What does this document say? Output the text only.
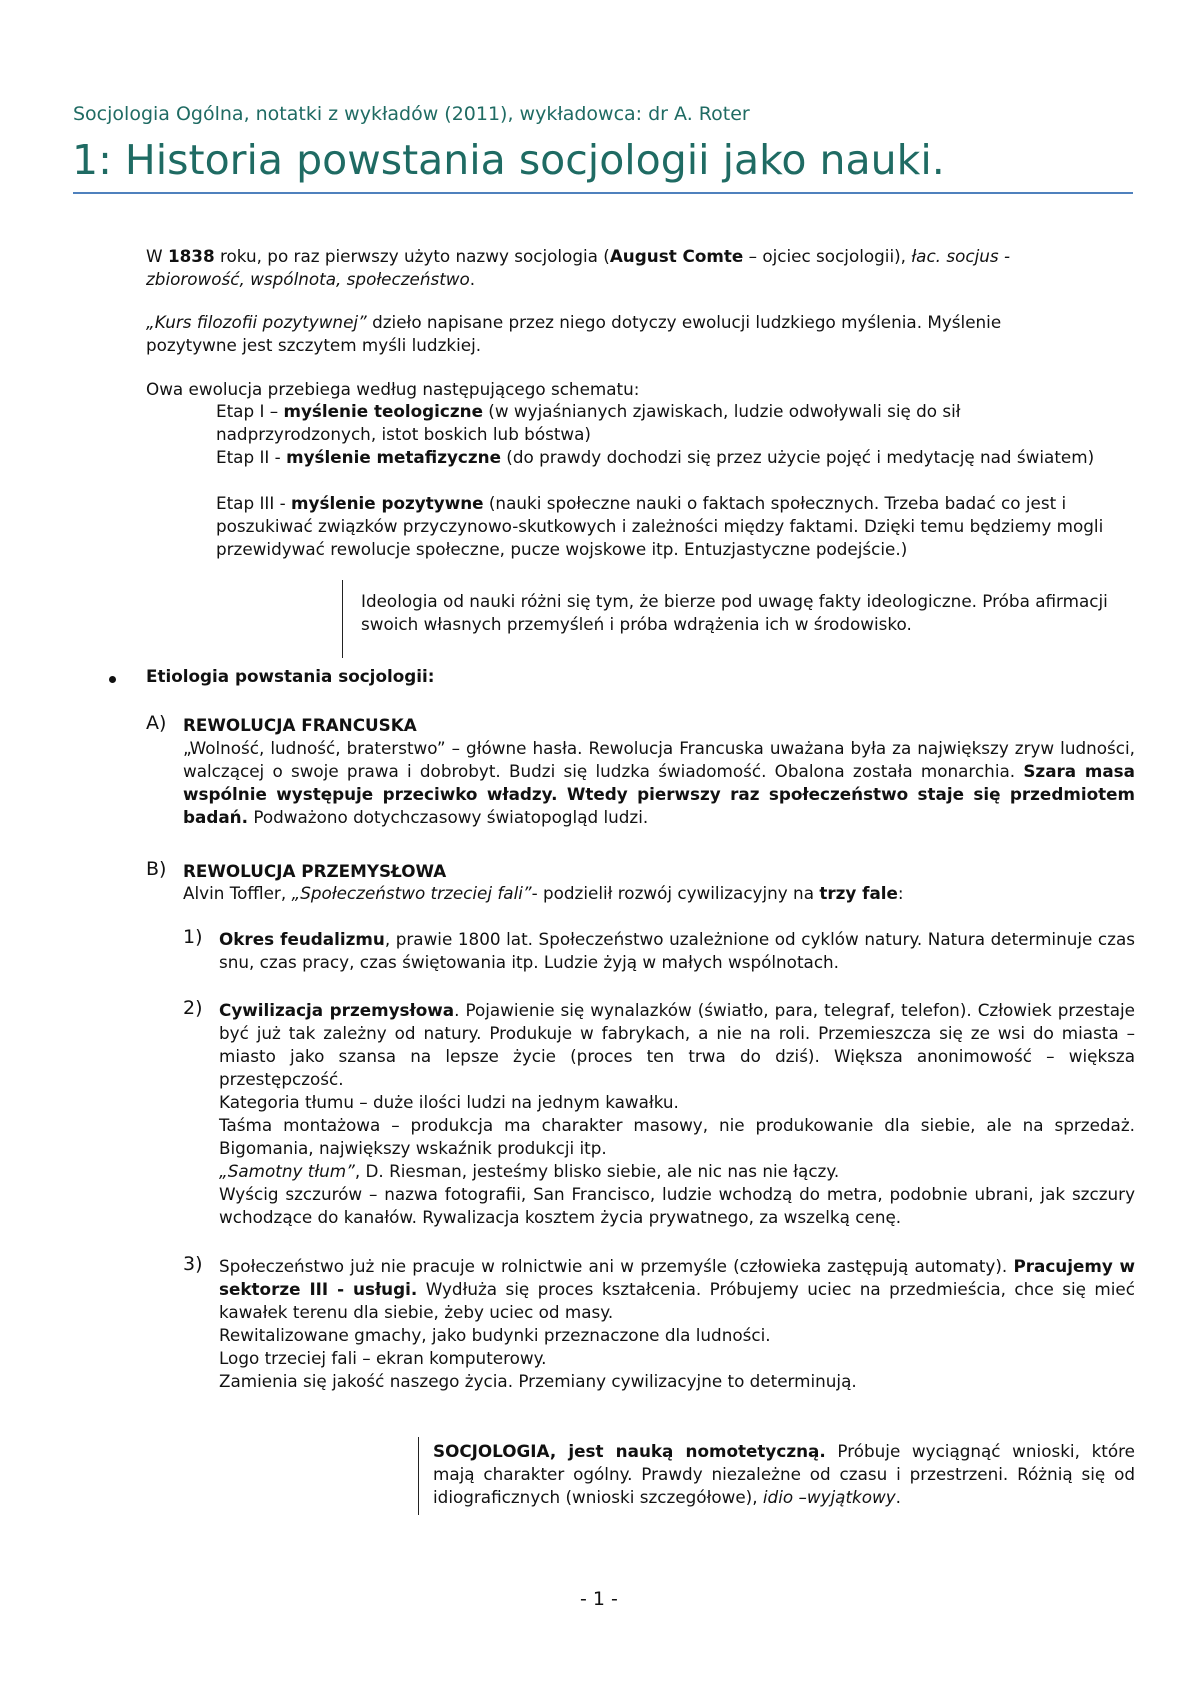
Socjologia Ogólna, notatki z wykładów (2011), wykładowca: dr A. Roter
1: Historia powstania socjologii jako nauki.
W 1838 roku, po raz pierwszy użyto nazwy socjologia (August Comte – ojciec socjologii), łac. socjus - zbiorowość, wspólnota, społeczeństwo.
„Kurs filozofii pozytywnej” dzieło napisane przez niego dotyczy ewolucji ludzkiego myślenia. Myślenie pozytywne jest szczytem myśli ludzkiej.
Owa ewolucja przebiega według następującego schematu:
Etap I – myślenie teologiczne (w wyjaśnianych zjawiskach, ludzie odwoływali się do sił nadprzyrodzonych, istot boskich lub bóstwa)
Etap II - myślenie metafizyczne (do prawdy dochodzi się przez użycie pojęć i medytację nad światem)
Etap III - myślenie pozytywne (nauki społeczne nauki o faktach społecznych. Trzeba badać co jest i poszukiwać związków przyczynowo-skutkowych i zależności między faktami. Dzięki temu będziemy mogli przewidywać rewolucje społeczne, pucze wojskowe itp. Entuzjastyczne podejście.)
Ideologia od nauki różni się tym, że bierze pod uwagę fakty ideologiczne. Próba afirmacji swoich własnych przemyśleń i próba wdrążenia ich w środowisko.
Etiologia powstania socjologii:
A) REWOLUCJA FRANCUSKA
„Wolność, ludność, braterstwo” – główne hasła. Rewolucja Francuska uważana była za największy zryw ludności, walczącej o swoje prawa i dobrobyt. Budzi się ludzka świadomość. Obalona została monarchia. Szara masa wspólnie występuje przeciwko władzy. Wtedy pierwszy raz społeczeństwo staje się przedmiotem badań. Podważono dotychczasowy światopogląd ludzi.
B) REWOLUCJA PRZEMYSŁOWA
Alvin Toffler, „Społeczeństwo trzeciej fali”- podzielił rozwój cywilizacyjny na trzy fale:
1) Okres feudalizmu, prawie 1800 lat. Społeczeństwo uzależnione od cyklów natury. Natura determinuje czas snu, czas pracy, czas świętowania itp. Ludzie żyją w małych wspólnotach.
2) Cywilizacja przemysłowa. Pojawienie się wynalazków (światło, para, telegraf, telefon). Człowiek przestaje być już tak zależny od natury. Produkuje w fabrykach, a nie na roli. Przemieszcza się ze wsi do miasta – miasto jako szansa na lepsze życie (proces ten trwa do dziś). Większa anonimowość – większa przestępczość.
Kategoria tłumu – duże ilości ludzi na jednym kawałku.
Taśma montażowa – produkcja ma charakter masowy, nie produkowanie dla siebie, ale na sprzedaż. Bigomania, największy wskaźnik produkcji itp.
„Samotny tłum”, D. Riesman, jesteśmy blisko siebie, ale nic nas nie łączy.
Wyścig szczurów – nazwa fotografii, San Francisco, ludzie wchodzą do metra, podobnie ubrani, jak szczury wchodzące do kanałów. Rywalizacja kosztem życia prywatnego, za wszelką cenę.
3) Społeczeństwo już nie pracuje w rolnictwie ani w przemyśle (człowieka zastępują automaty). Pracujemy w sektorze III - usługi. Wydłuża się proces kształcenia. Próbujemy uciec na przedmieścia, chce się mieć kawałek terenu dla siebie, żeby uciec od masy.
Rewitalizowane gmachy, jako budynki przeznaczone dla ludności.
Logo trzeciej fali – ekran komputerowy.
Zamienia się jakość naszego życia. Przemiany cywilizacyjne to determinują.
SOCJOLOGIA, jest nauką nomotetyczną. Próbuje wyciągnąć wnioski, które mają charakter ogólny. Prawdy niezależne od czasu i przestrzeni. Różnią się od idiograficznych (wnioski szczegółowe), idio –wyjątkowy.
- 1 -
